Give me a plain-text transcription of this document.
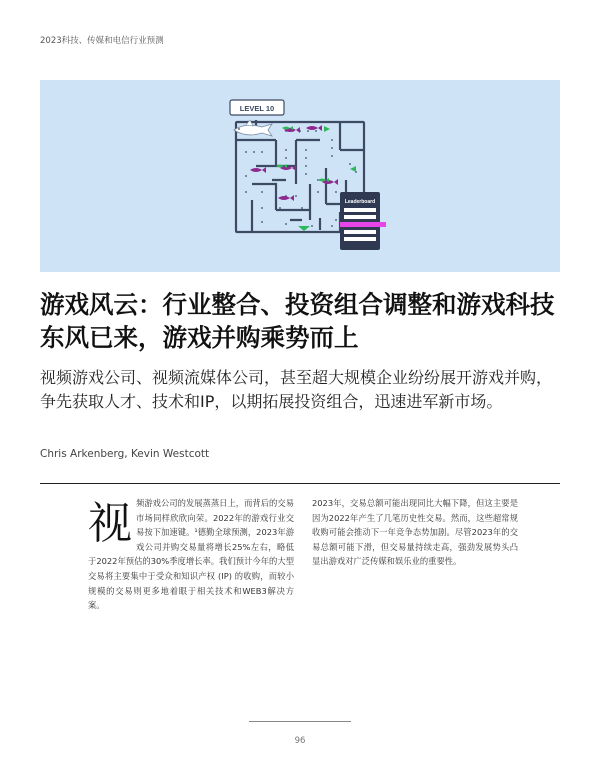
2023科技、传媒和电信行业预测
LEVEL 10
Leaderboard
游戏风云：行业整合、投资组合调整和游戏科技东风已来，游戏并购乘势而上

视频游戏公司、视频流媒体公司，甚至超大规模企业纷纷展开游戏并购，争先获取人才、技术和IP，以期拓展投资组合，迅速进军新市场。

Chris Arkenberg, Kevin Westcott

视频游戏公司的发展蒸蒸日上，而背后的交易市场同样欣欣向荣。2022年的游戏行业交易按下加速键。¹德勤全球预测，2023年游戏公司并购交易量将增长25%左右，略低于2022年预估的30%季度增长率。我们预计今年的大型交易将主要集中于受众和知识产权 (IP) 的收购，而较小规模的交易则更多地着眼于相关技术和WEB3解决方案。

2023年，交易总额可能出现同比大幅下降，但这主要是因为2022年产生了几笔历史性交易。然而，这些超常规收购可能会推动下一年竞争态势加剧。尽管2023年的交易总额可能下滑，但交易量持续走高，强劲发展势头凸显出游戏对广泛传媒和娱乐业的重要性。

96
